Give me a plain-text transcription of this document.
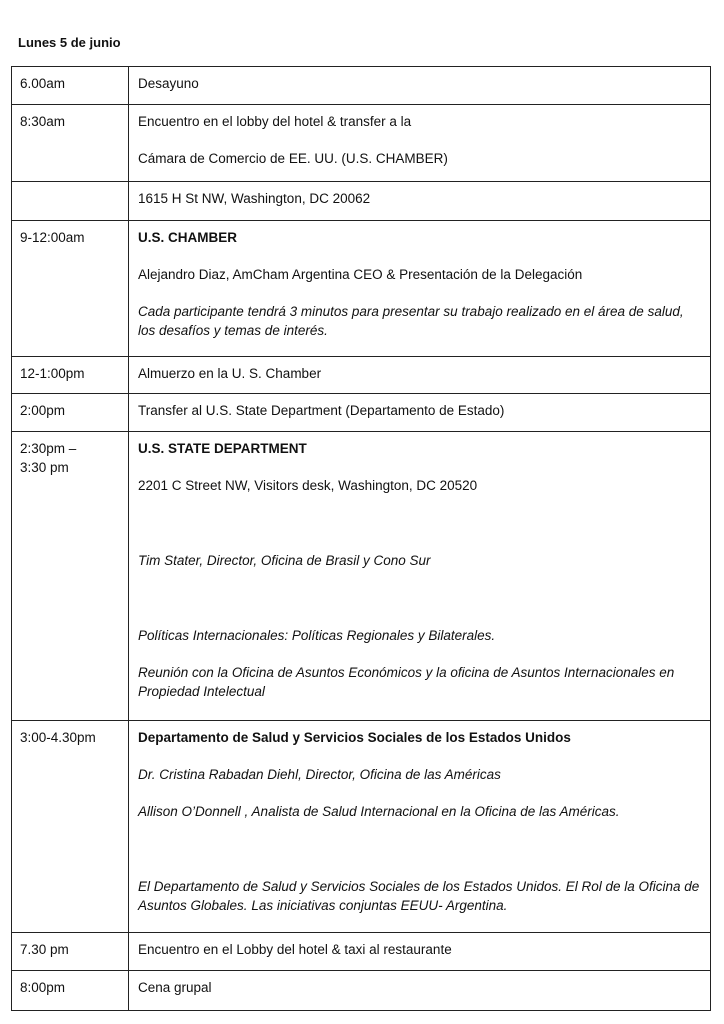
Lunes 5 de junio

6.00am	Desayuno

8:30am	Encuentro en el lobby del hotel & transfer a la
Cámara de Comercio de EE. UU. (U.S. CHAMBER)

	1615 H St NW, Washington, DC 20062

9-12:00am	U.S. CHAMBER
Alejandro Diaz, AmCham Argentina CEO & Presentación de la Delegación
Cada participante tendrá 3 minutos para presentar su trabajo realizado en el área de salud, los desafíos y temas de interés.

12-1:00pm	Almuerzo en la U. S. Chamber

2:00pm	Transfer al U.S. State Department (Departamento de Estado)

2:30pm –
3:30 pm	U.S. STATE DEPARTMENT
2201 C Street NW, Visitors desk, Washington, DC 20520
Tim Stater, Director, Oficina de Brasil y Cono Sur
Políticas Internacionales: Políticas Regionales y Bilaterales.
Reunión con la Oficina de Asuntos Económicos y la oficina de Asuntos Internacionales en Propiedad Intelectual

3:00-4.30pm	Departamento de Salud y Servicios Sociales de los Estados Unidos
Dr. Cristina Rabadan Diehl, Director, Oficina de las Américas
Allison O’Donnell , Analista de Salud Internacional en la Oficina de las Américas.
El Departamento de Salud y Servicios Sociales de los Estados Unidos. El Rol de la Oficina de Asuntos Globales. Las iniciativas conjuntas EEUU- Argentina.

7.30 pm	Encuentro en el Lobby del hotel & taxi al restaurante

8:00pm	Cena grupal
